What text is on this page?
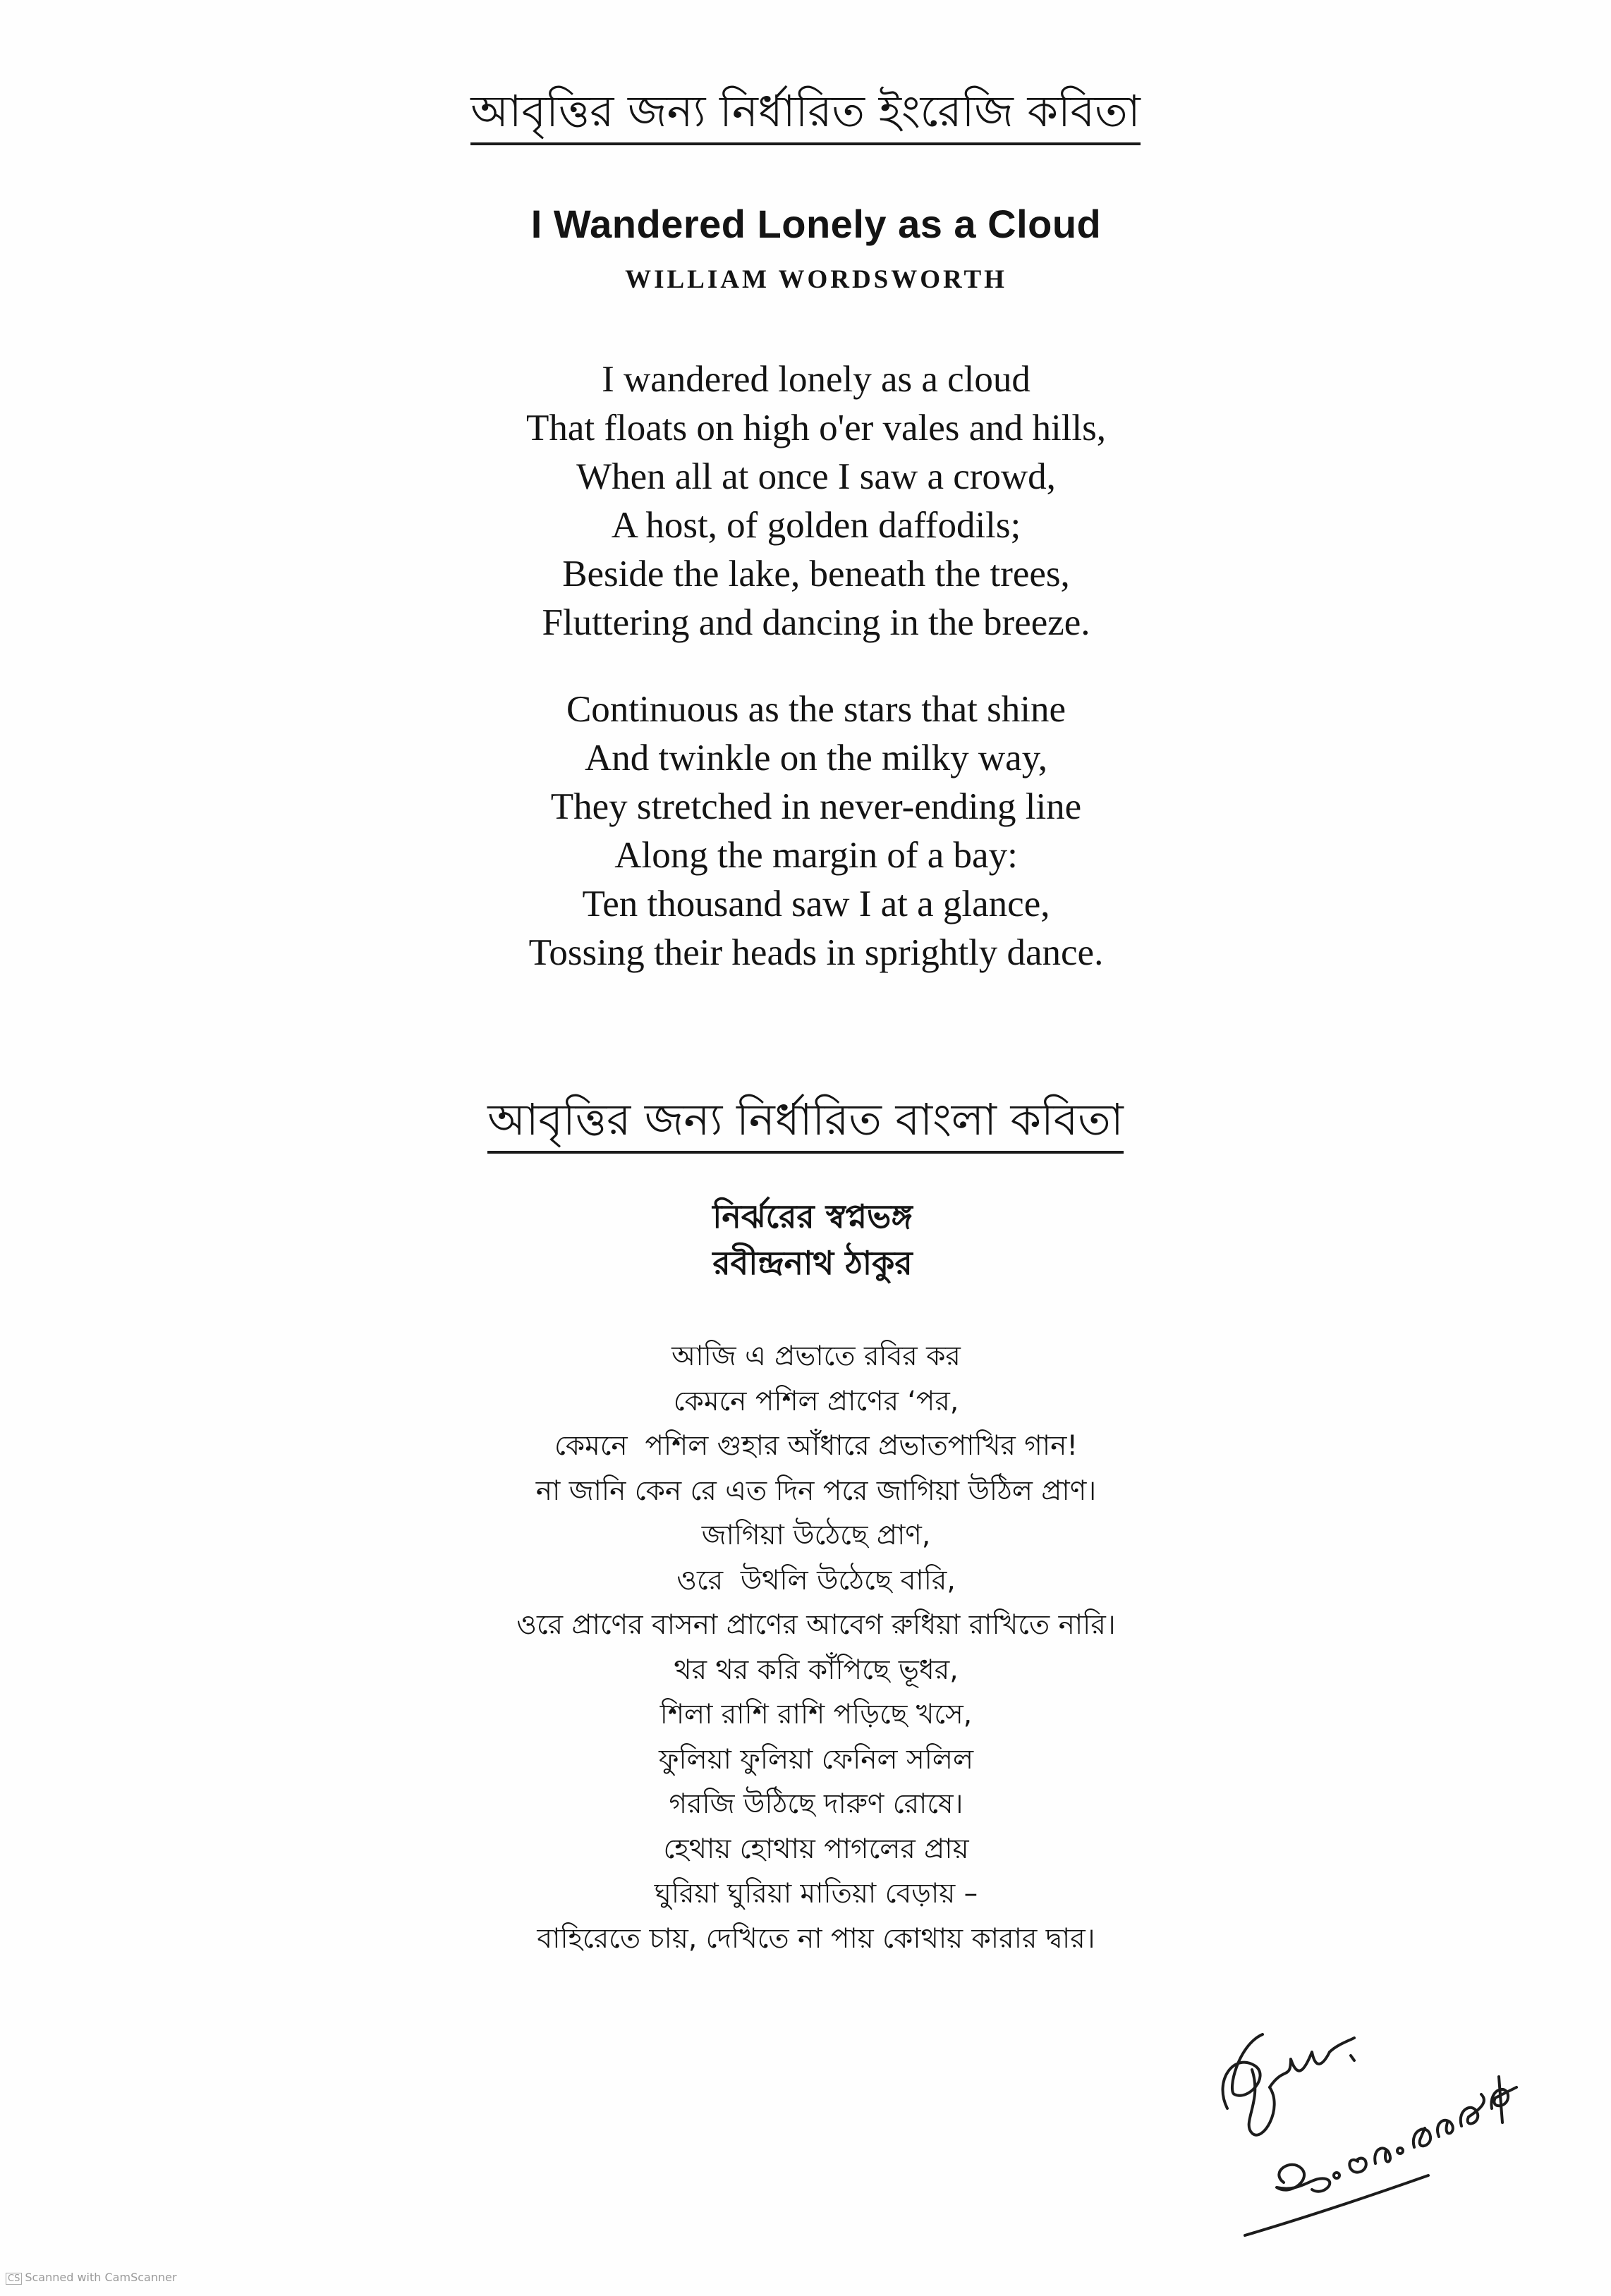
আবৃত্তির জন্য নির্ধারিত ইংরেজি কবিতা
I Wandered Lonely as a Cloud
WILLIAM WORDSWORTH
I wandered lonely as a cloud
That floats on high o'er vales and hills,
When all at once I saw a crowd,
A host, of golden daffodils;
Beside the lake, beneath the trees,
Fluttering and dancing in the breeze.
Continuous as the stars that shine
And twinkle on the milky way,
They stretched in never-ending line
Along the margin of a bay:
Ten thousand saw I at a glance,
Tossing their heads in sprightly dance.
আবৃত্তির জন্য নির্ধারিত বাংলা কবিতা
নির্ঝরের স্বপ্নভঙ্গ
রবীন্দ্রনাথ ঠাকুর
আজি এ প্রভাতে রবির কর
কেমনে পশিল প্রাণের ‘পর,
কেমনে  পশিল গুহার আঁধারে প্রভাতপাখির গান!
না জানি কেন রে এত দিন পরে জাগিয়া উঠিল প্রাণ।
জাগিয়া উঠেছে প্রাণ,
ওরে  উথলি উঠেছে বারি,
ওরে প্রাণের বাসনা প্রাণের আবেগ রুধিয়া রাখিতে নারি।
থর থর করি কাঁপিছে ভূধর,
শিলা রাশি রাশি পড়িছে খসে,
ফুলিয়া ফুলিয়া ফেনিল সলিল
গরজি উঠিছে দারুণ রোষে।
হেথায় হোথায় পাগলের প্রায়
ঘুরিয়া ঘুরিয়া মাতিয়া বেড়ায় –
বাহিরেতে চায়, দেখিতে না পায় কোথায় কারার দ্বার।
CS Scanned with CamScanner
